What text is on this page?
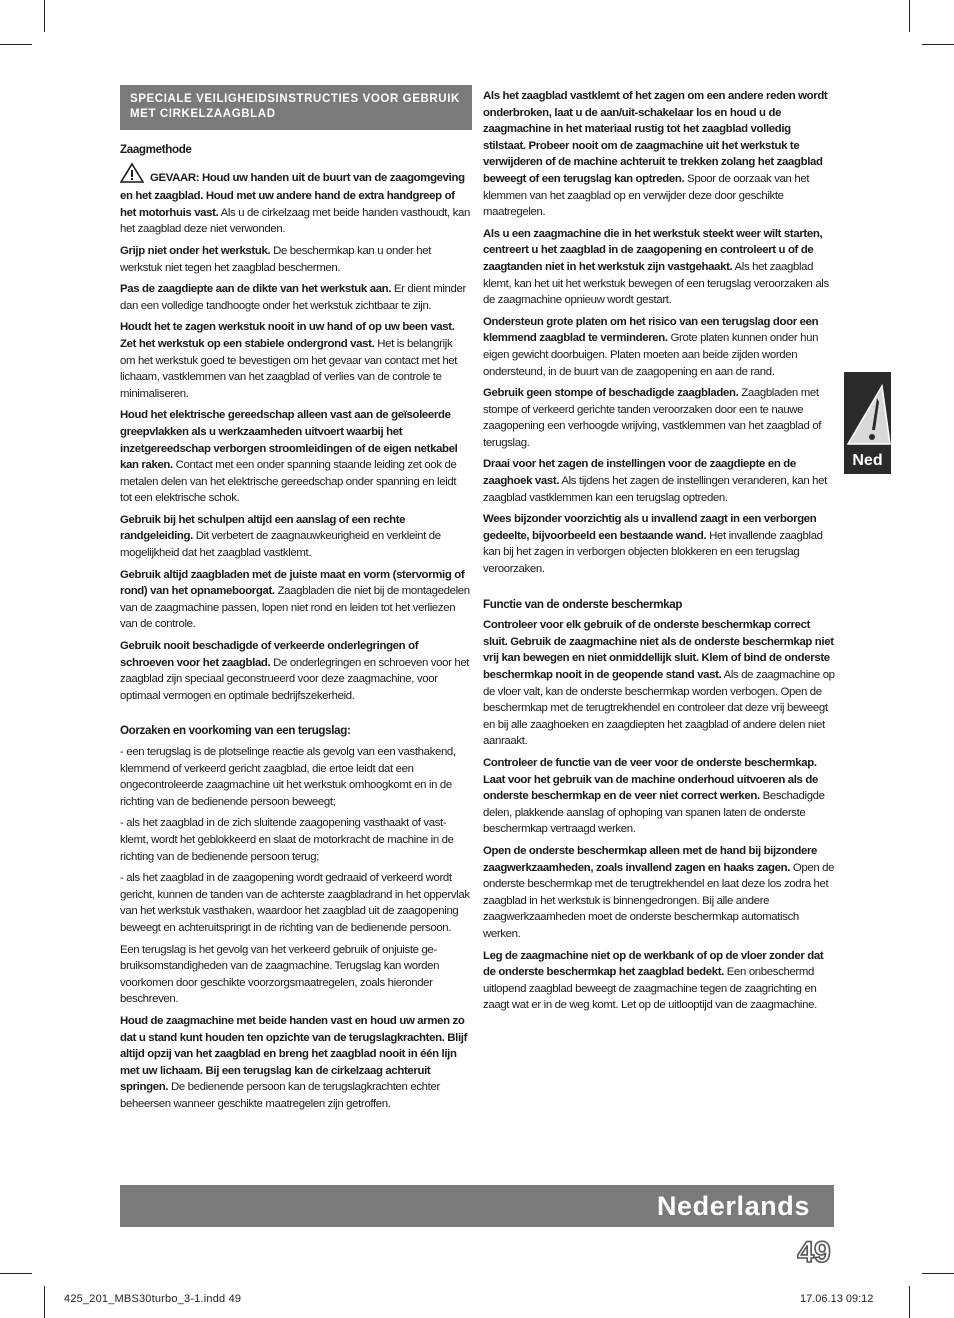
SPECIALE VEILIGHEIDSINSTRUCTIES VOOR GEBRUIK MET CIRKELZAAGBLAD
Zaagmethode

GEVAAR: Houd uw handen uit de buurt van de zaagomgeving en het zaagblad. Houd met uw andere hand de extra handgreep of het motorhuis vast. Als u de cirkelzaag met beide handen vasthoudt, kan het zaagblad deze niet verwonden.

Grijp niet onder het werkstuk. De beschermkap kan u onder het werkstuk niet tegen het zaagblad beschermen.

Pas de zaagdiepte aan de dikte van het werkstuk aan. Er dient minder dan een volledige tandhoogte onder het werkstuk zichtbaar te zijn.

Houdt het te zagen werkstuk nooit in uw hand of op uw been vast. Zet het werkstuk op een stabiele ondergrond vast. Het is belangrijk om het werkstuk goed te bevestigen om het gevaar van contact met het lichaam, vastklemmen van het zaagblad of verlies van de controle te minimaliseren.

Houd het elektrische gereedschap alleen vast aan de geïsoleerde greepvlakken als u werkzaamheden uitvoert waarbij het inzetgereedschap verborgen stroomleidingen of de eigen netkabel kan raken. Contact met een onder spanning staande leiding zet ook de metalen delen van het elektrische gereedschap onder spanning en leidt tot een elektrische schok.

Gebruik bij het schulpen altijd een aanslag of een rechte randgeleiding. Dit verbetert de zaagnauwkeurigheid en verkleint de mogelijkheid dat het zaagblad vastklemt.

Gebruik altijd zaagbladen met de juiste maat en vorm (stervormig of rond) van het opnameboorgat. Zaagbladen die niet bij de montagedelen van de zaagmachine passen, lopen niet rond en leiden tot het verliezen van de controle.

Gebruik nooit beschadigde of verkeerde onderlegringen of schroeven voor het zaagblad. De onderlegringen en schroeven voor het zaagblad zijn speciaal geconstrueerd voor deze zaagmachine, voor optimaal vermogen en optimale bedrijfszekerheid.

Oorzaken en voorkoming van een terugslag:

- een terugslag is de plotselinge reactie als gevolg van een vasthakend, klemmend of verkeerd gericht zaagblad, die ertoe leidt dat een ongecontroleerde zaagmachine uit het werkstuk omhoogkomt en in de richting van de bedienende persoon beweegt;

- als het zaagblad in de zich sluitende zaagopening vasthaakt of vastklemt, wordt het geblokkeerd en slaat de motorkracht de machine in de richting van de bedienende persoon terug;

- als het zaagblad in de zaagopening wordt gedraaid of verkeerd wordt gericht, kunnen de tanden van de achterste zaagbladrand in het oppervlak van het werkstuk vasthaken, waardoor het zaagblad uit de zaagopening beweegt en achteruitspringt in de richting van de bedienende persoon.

Een terugslag is het gevolg van het verkeerd gebruik of onjuiste gebruiksomstandigheden van de zaagmachine. Terugslag kan worden voorkomen door geschikte voorzorgsmaatregelen, zoals hieronder beschreven.

Houd de zaagmachine met beide handen vast en houd uw armen zo dat u stand kunt houden ten opzichte van de terugslagkrachten. Blijf altijd opzij van het zaagblad en breng het zaagblad nooit in één lijn met uw lichaam. Bij een terugslag kan de cirkelzaag achteruit springen. De bedienende persoon kan de terugslagkrachten echter beheersen wanneer geschikte maatregelen zijn getroffen.

Als het zaagblad vastklemt of het zagen om een andere reden wordt onderbroken, laat u de aan/uit-schakelaar los en houd u de zaagmachine in het materiaal rustig tot het zaagblad volledig stilstaat. Probeer nooit om de zaagmachine uit het werkstuk te verwijderen of de machine achteruit te trekken zolang het zaagblad beweegt of een terugslag kan optreden. Spoor de oorzaak van het klemmen van het zaagblad op en verwijder deze door geschikte maatregelen.

Als u een zaagmachine die in het werkstuk steekt weer wilt starten, centreert u het zaagblad in de zaagopening en controleert u of de zaagtanden niet in het werkstuk zijn vastgehaakt. Als het zaagblad klemt, kan het uit het werkstuk bewegen of een terugslag veroorzaken als de zaagmachine opnieuw wordt gestart.

Ondersteun grote platen om het risico van een terugslag door een klemmend zaagblad te verminderen. Grote platen kunnen onder hun eigen gewicht doorbuigen. Platen moeten aan beide zijden worden ondersteund, in de buurt van de zaagopening en aan de rand.

Gebruik geen stompe of beschadigde zaagbladen. Zaagbladen met stompe of verkeerd gerichte tanden veroorzaken door een te nauwe zaagopening een verhoogde wrijving, vastklemmen van het zaagblad of terugslag.

Draai voor het zagen de instellingen voor de zaagdiepte en de zaaghoek vast. Als tijdens het zagen de instellingen veranderen, kan het zaagblad vastklemmen kan een terugslag optreden.

Wees bijzonder voorzichtig als u invallend zaagt in een verborgen gedeelte, bijvoorbeeld een bestaande wand. Het invallende zaagblad kan bij het zagen in verborgen objecten blokkeren en een terugslag veroorzaken.

Functie van de onderste beschermkap

Controleer voor elk gebruik of de onderste beschermkap correct sluit. Gebruik de zaagmachine niet als de onderste beschermkap niet vrij kan bewegen en niet onmiddellijk sluit. Klem of bind de onderste beschermkap nooit in de geopende stand vast. Als de zaagmachine op de vloer valt, kan de onderste beschermkap worden verbogen. Open de beschermkap met de terugtrekhendel en controleer dat deze vrij beweegt en bij alle zaaghoeken en zaagdiepten het zaagblad of andere delen niet aanraakt.

Controleer de functie van de veer voor de onderste beschermkap. Laat voor het gebruik van de machine onderhoud uitvoeren als de onderste beschermkap en de veer niet correct werken. Beschadigde delen, plakkende aanslag of ophoping van spanen laten de onderste beschermkap vertraagd werken.

Open de onderste beschermkap alleen met de hand bij bijzondere zaagwerkzaamheden, zoals invallend zagen en haaks zagen. Open de onderste beschermkap met de terugtrekhendel en laat deze los zodra het zaagblad in het werkstuk is binnengedrongen. Bij alle andere zaagwerkzaamheden moet de onderste beschermkap automatisch werken.

Leg de zaagmachine niet op de werkbank of op de vloer zonder dat de onderste beschermkap het zaagblad bedekt. Een onbeschermd uitlopend zaagblad beweegt de zaagmachine tegen de zaagrichting en zaagt wat er in de weg komt. Let op de uitlooptijd van de zaagmachine.

Ned
Nederlands
49
425_201_MBS30turbo_3-1.indd 49	17.06.13 09:12
